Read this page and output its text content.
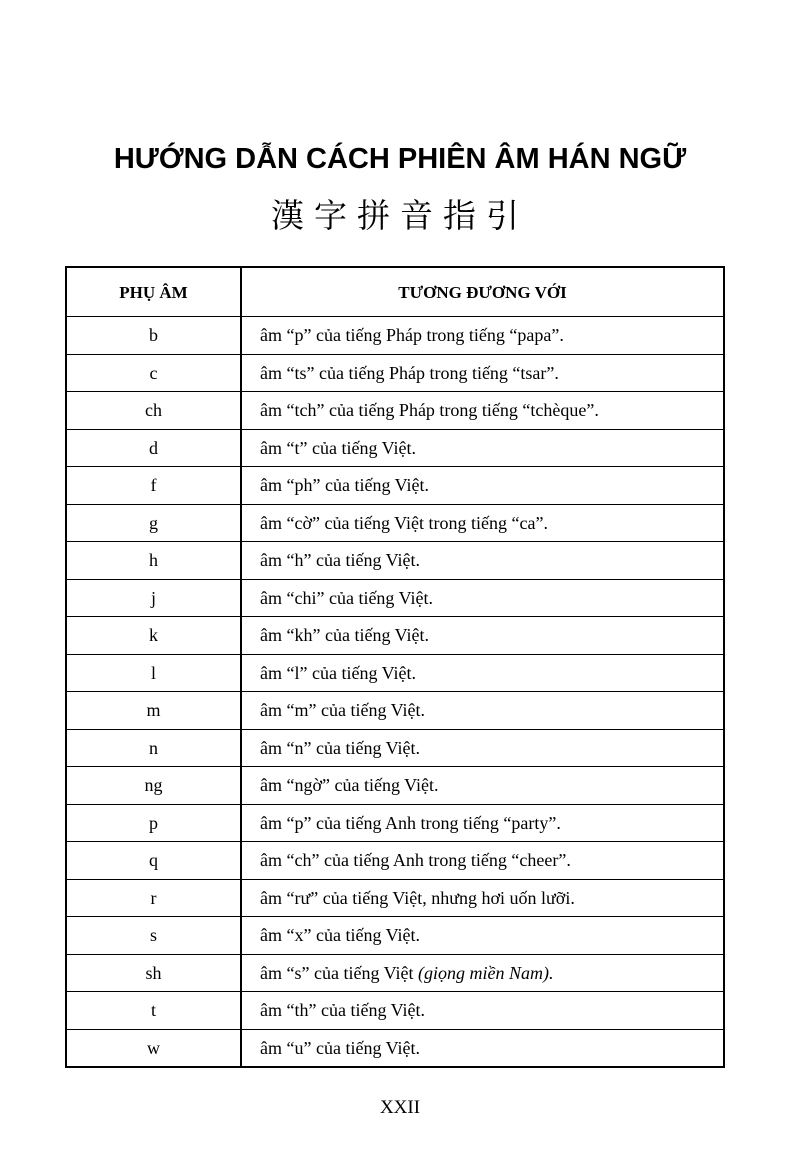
HƯỚNG DẪN CÁCH PHIÊN ÂM HÁN NGỮ
漢字拼音指引
PHỤ ÂM	TƯƠNG ĐƯƠNG VỚI
b	âm “p” của tiếng Pháp trong tiếng “papa”.
c	âm “ts” của tiếng Pháp trong tiếng “tsar”.
ch	âm “tch” của tiếng Pháp trong tiếng “tchèque”.
d	âm “t” của tiếng Việt.
f	âm “ph” của tiếng Việt.
g	âm “cờ” của tiếng Việt trong tiếng “ca”.
h	âm “h” của tiếng Việt.
j	âm “chi” của tiếng Việt.
k	âm “kh” của tiếng Việt.
l	âm “l” của tiếng Việt.
m	âm “m” của tiếng Việt.
n	âm “n” của tiếng Việt.
ng	âm “ngờ” của tiếng Việt.
p	âm “p” của tiếng Anh trong tiếng “party”.
q	âm “ch” của tiếng Anh trong tiếng “cheer”.
r	âm “rư” của tiếng Việt, nhưng hơi uốn lưỡi.
s	âm “x” của tiếng Việt.
sh	âm “s” của tiếng Việt (giọng miền Nam).
t	âm “th” của tiếng Việt.
w	âm “u” của tiếng Việt.
XXII
